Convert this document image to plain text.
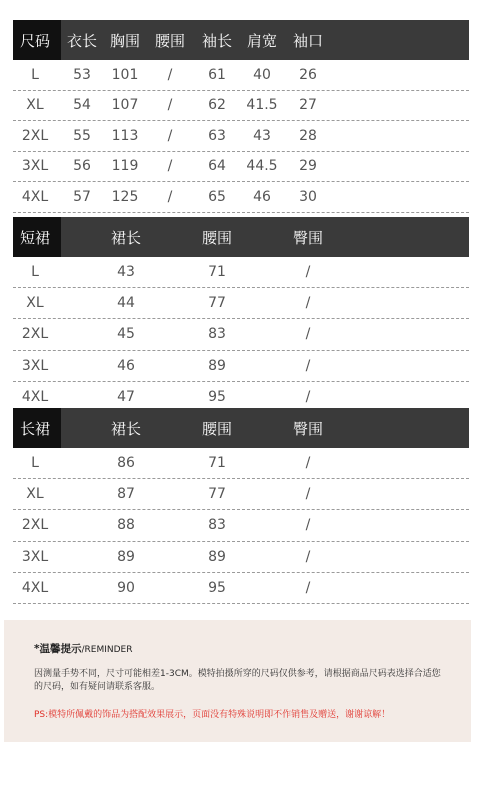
尺码	衣长 胸围 腰围	袖长 肩宽	袖口
L	53	101	/	61	40	26
XL	54	107	/	62	41.5	27
2XL	55	113	/	63	43	28
3XL	56	119	/	64	44.5	29
4XL	57	125	/	65	46	30
短裙	裙长	腰围	臀围
L	43	71	/
XL	44	77	/
2XL	45	83	/
3XL	46	89	/
4XL	47	95	/
长裙	裙长	腰围	臀围
L	86	71	/
XL	87	77	/
2XL	88	83	/
3XL	89	89	/
4XL	90	95	/
*温馨提示/REMINDER
因测量手势不同，尺寸可能相差1-3CM。模特拍摄所穿的尺码仅供参考，请根据商品尺码表选择合适您的尺码，如有疑问请联系客服。
PS:模特所佩戴的饰品为搭配效果展示，页面没有特殊说明即不作销售及赠送，谢谢谅解！
